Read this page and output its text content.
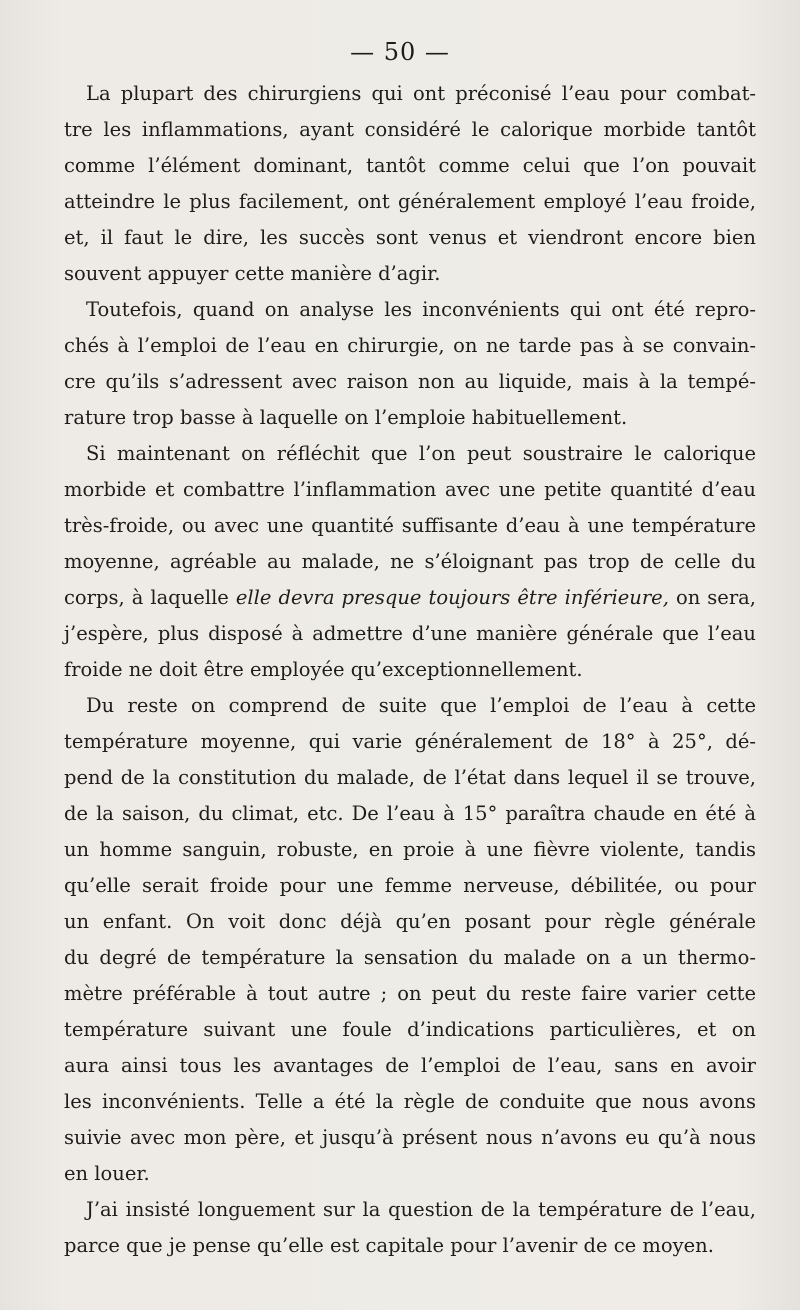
— 50 —
La plupart des chirurgiens qui ont préconisé l’eau pour combat-
tre les inflammations, ayant considéré le calorique morbide tantôt
comme l’élément dominant, tantôt comme celui que l’on pouvait
atteindre le plus facilement, ont généralement employé l’eau froide,
et, il faut le dire, les succès sont venus et viendront encore bien
souvent appuyer cette manière d’agir.
Toutefois, quand on analyse les inconvénients qui ont été repro-
chés à l’emploi de l’eau en chirurgie, on ne tarde pas à se convain-
cre qu’ils s’adressent avec raison non au liquide, mais à la tempé-
rature trop basse à laquelle on l’emploie habituellement.
Si maintenant on réfléchit que l’on peut soustraire le calorique
morbide et combattre l’inflammation avec une petite quantité d’eau
très-froide, ou avec une quantité suffisante d’eau à une température
moyenne, agréable au malade, ne s’éloignant pas trop de celle du
corps, à laquelle elle devra presque toujours être inférieure, on sera,
j’espère, plus disposé à admettre d’une manière générale que l’eau
froide ne doit être employée qu’exceptionnellement.
Du reste on comprend de suite que l’emploi de l’eau à cette
température moyenne, qui varie généralement de 18° à 25°, dé-
pend de la constitution du malade, de l’état dans lequel il se trouve,
de la saison, du climat, etc. De l’eau à 15° paraîtra chaude en été à
un homme sanguin, robuste, en proie à une fièvre violente, tandis
qu’elle serait froide pour une femme nerveuse, débilitée, ou pour
un enfant. On voit donc déjà qu’en posant pour règle générale
du degré de température la sensation du malade on a un thermo-
mètre préférable à tout autre ; on peut du reste faire varier cette
température suivant une foule d’indications particulières, et on
aura ainsi tous les avantages de l’emploi de l’eau, sans en avoir
les inconvénients. Telle a été la règle de conduite que nous avons
suivie avec mon père, et jusqu’à présent nous n’avons eu qu’à nous
en louer.
J’ai insisté longuement sur la question de la température de l’eau,
parce que je pense qu’elle est capitale pour l’avenir de ce moyen.
